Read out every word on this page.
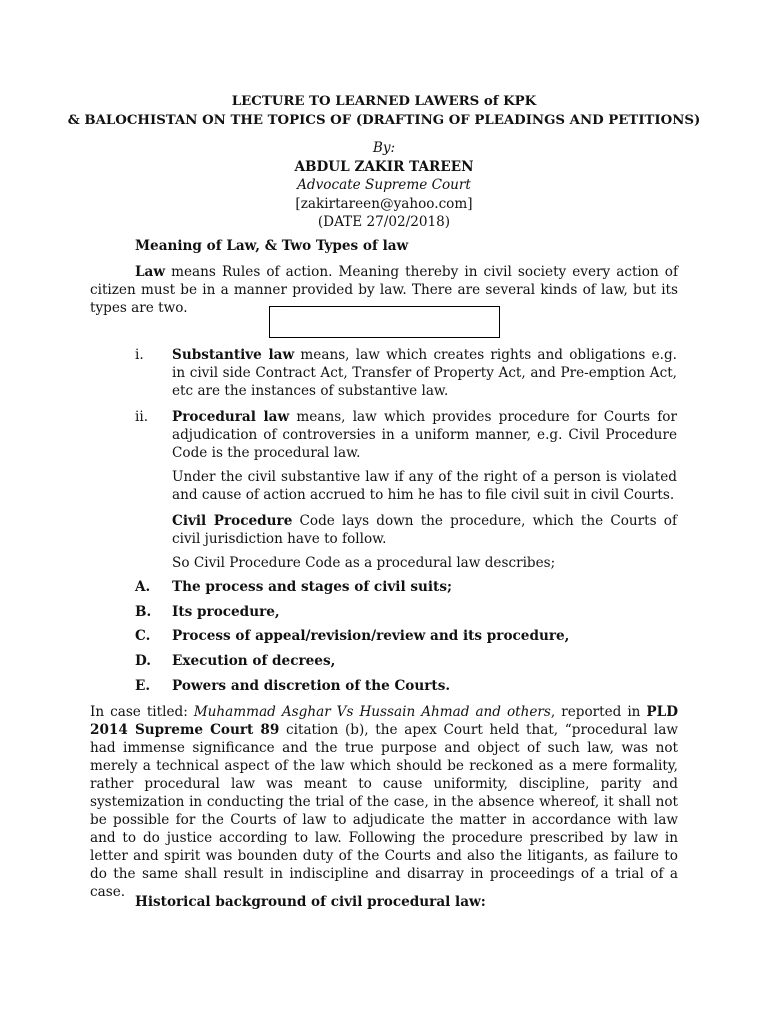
LECTURE TO LEARNED LAWERS of KPK
& BALOCHISTAN ON THE TOPICS OF (DRAFTING OF PLEADINGS AND PETITIONS)
By:
ABDUL ZAKIR TAREEN
Advocate Supreme Court
[zakirtareen@yahoo.com]
(DATE 27/02/2018)
Meaning of Law, & Two Types of law
Law means Rules of action. Meaning thereby in civil society every action of citizen must be in a manner provided by law. There are several kinds of law, but its types are two.	· · · · · · · ·
i. Substantive law means, law which creates rights and obligations e.g. in civil side Contract Act, Transfer of Property Act, and Pre-emption Act, etc are the instances of substantive law.
ii. Procedural law means, law which provides procedure for Courts for adjudication of controversies in a uniform manner, e.g. Civil Procedure Code is the procedural law.
Under the civil substantive law if any of the right of a person is violated and cause of action accrued to him he has to file civil suit in civil Courts.
Civil Procedure Code lays down the procedure, which the Courts of civil jurisdiction have to follow.
So Civil Procedure Code as a procedural law describes;
A. The process and stages of civil suits;
B. Its procedure,
C. Process of appeal/revision/review and its procedure,
D. Execution of decrees,
E. Powers and discretion of the Courts.
In case titled: Muhammad Asghar Vs Hussain Ahmad and others, reported in PLD 2014 Supreme Court 89 citation (b), the apex Court held that, “procedural law had immense significance and the true purpose and object of such law, was not merely a technical aspect of the law which should be reckoned as a mere formality, rather procedural law was meant to cause uniformity, discipline, parity and systemization in conducting the trial of the case, in the absence whereof, it shall not be possible for the Courts of law to adjudicate the matter in accordance with law and to do justice according to law. Following the procedure prescribed by law in letter and spirit was bounden duty of the Courts and also the litigants, as failure to do the same shall result in indiscipline and disarray in proceedings of a trial of a case.
Historical background of civil procedural law:
